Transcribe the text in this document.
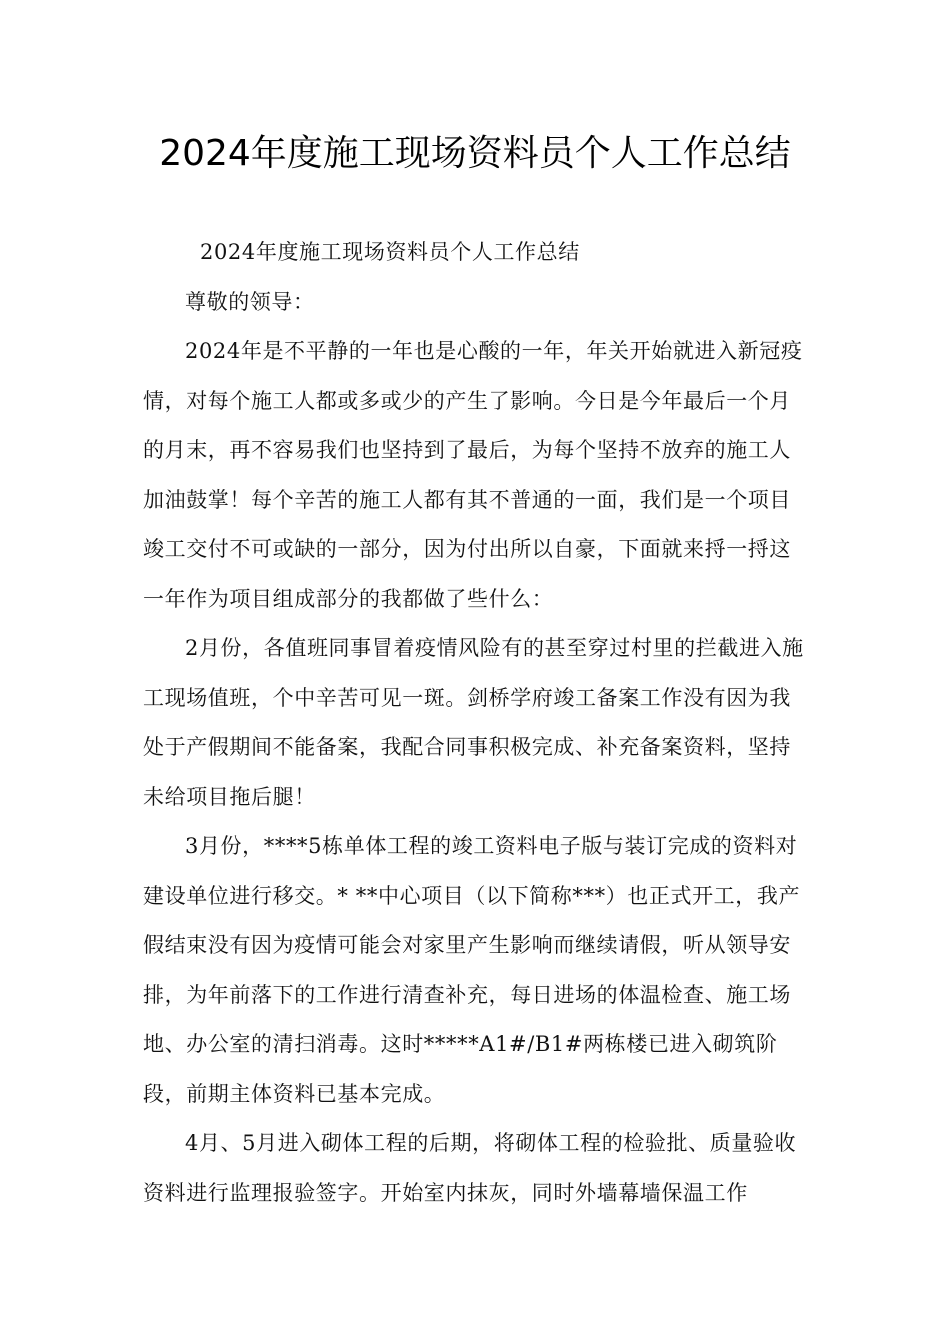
2024年度施工现场资料员个人工作总结

2024年度施工现场资料员个人工作总结

尊敬的领导：

2024年是不平静的一年也是心酸的一年，年关开始就进入新冠疫情，对每个施工人都或多或少的产生了影响。今日是今年最后一个月的月末，再不容易我们也坚持到了最后，为每个坚持不放弃的施工人加油鼓掌！每个辛苦的施工人都有其不普通的一面，我们是一个项目竣工交付不可或缺的一部分，因为付出所以自豪，下面就来捋一捋这一年作为项目组成部分的我都做了些什么：

2月份，各值班同事冒着疫情风险有的甚至穿过村里的拦截进入施工现场值班，个中辛苦可见一斑。剑桥学府竣工备案工作没有因为我处于产假期间不能备案，我配合同事积极完成、补充备案资料，坚持未给项目拖后腿！

3月份，****5栋单体工程的竣工资料电子版与装订完成的资料对建设单位进行移交。* **中心项目（以下简称***）也正式开工，我产假结束没有因为疫情可能会对家里产生影响而继续请假，听从领导安排，为年前落下的工作进行清查补充，每日进场的体温检查、施工场地、办公室的清扫消毒。这时*****A1#/B1#两栋楼已进入砌筑阶段，前期主体资料已基本完成。

4月、5月进入砌体工程的后期，将砌体工程的检验批、质量验收资料进行监理报验签字。开始室内抹灰，同时外墙幕墙保温工作
